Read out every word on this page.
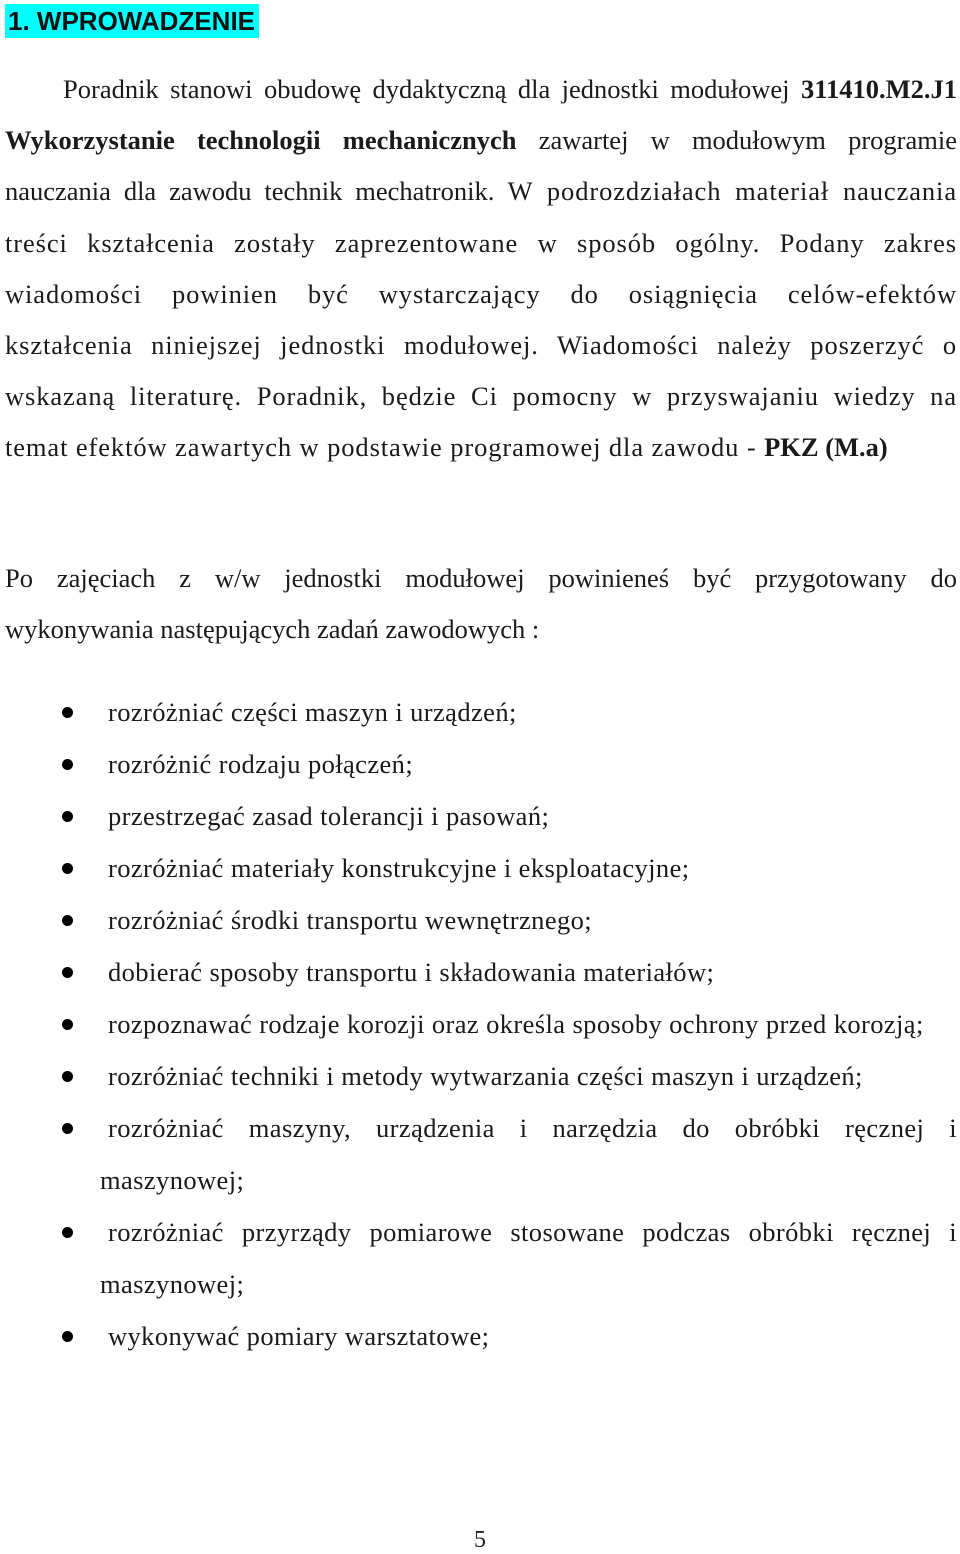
1. WPROWADZENIE

Poradnik stanowi obudowę dydaktyczną dla jednostki modułowej 311410.M2.J1 Wykorzystanie technologii mechanicznych zawartej w modułowym programie nauczania dla zawodu technik mechatronik. W podrozdziałach materiał nauczania treści kształcenia zostały zaprezentowane w sposób ogólny. Podany zakres wiadomości powinien być wystarczający do osiągnięcia celów-efektów kształcenia niniejszej jednostki modułowej. Wiadomości należy poszerzyć o wskazaną literaturę. Poradnik, będzie Ci pomocny w przyswajaniu wiedzy na temat efektów zawartych w podstawie programowej dla zawodu - PKZ (M.a)

Po zajęciach z w/w jednostki modułowej powinieneś być przygotowany do wykonywania następujących zadań zawodowych :

rozróżniać części maszyn i urządzeń;
rozróżnić rodzaju połączeń;
przestrzegać zasad tolerancji i pasowań;
rozróżniać materiały konstrukcyjne i eksploatacyjne;
rozróżniać środki transportu wewnętrznego;
dobierać sposoby transportu i składowania materiałów;
rozpoznawać rodzaje korozji oraz określa sposoby ochrony przed korozją;
rozróżniać techniki i metody wytwarzania części maszyn i urządzeń;
rozróżniać maszyny, urządzenia i narzędzia do obróbki ręcznej i maszynowej;
rozróżniać przyrządy pomiarowe stosowane podczas obróbki ręcznej i maszynowej;
wykonywać pomiary warsztatowe;
5
